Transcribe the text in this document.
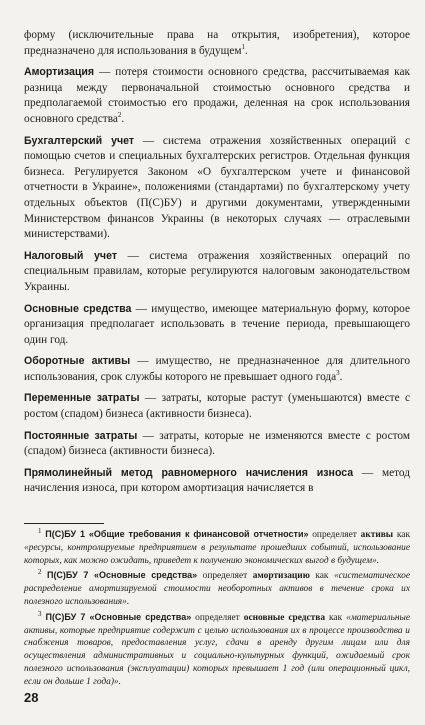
форму (исключительные права на открытия, изобретения), которое предназначено для использования в будущем$^1$.

Амортизация — потеря стоимости основного средства, рассчитываемая как разница между первоначальной стоимостью основного средства и предполагаемой стоимостью его продажи, деленная на срок использования основного средства$^2$.

Бухгалтерский учет — система отражения хозяйственных операций с помощью счетов и специальных бухгалтерских регистров. Отдельная функция бизнеса. Регулируется Законом «О бухгалтерском учете и финансовой отчетности в Украине», положениями (стандартами) по бухгалтерскому учету отдельных объектов (П(С)БУ) и другими документами, утвержденными Министерством финансов Украины (в некоторых случаях — отраслевыми министерствами).

Налоговый учет — система отражения хозяйственных операций по специальным правилам, которые регулируются налоговым законодательством Украины.

Основные средства — имущество, имеющее материальную форму, которое организация предполагает использовать в течение периода, превышающего один год.

Оборотные активы — имущество, не предназначенное для длительного использования, срок службы которого не превышает одного года$^3$.

Переменные затраты — затраты, которые растут (уменьшаются) вместе с ростом (спадом) бизнеса (активности бизнеса).

Постоянные затраты — затраты, которые не изменяются вместе с ростом (спадом) бизнеса (активности бизнеса).

Прямолинейный метод равномерного начисления износа — метод начисления износа, при котором амортизация начисляется в

$^1$ П(С)БУ 1 «Общие требования к финансовой отчетности» определяет активы как «ресурсы, контролируемые предприятием в результате прошедших событий, использование которых, как можно ожидать, приведет к получению экономических выгод в будущем».

$^2$ П(С)БУ 7 «Основные средства» определяет амортизацию как «систематическое распределение амортизируемой стоимости необоротных активов в течение срока их полезного использования».

$^3$ П(С)БУ 7 «Основные средства» определяет основные средства как «материальные активы, которые предприятие содержит с целью использования их в процессе производства и снабжения товаров, предоставления услуг, сдачи в аренду другим лицам или для осуществления административных и социально-культурных функций, ожидаемый срок полезного использования (эксплуатации) которых превышает 1 год (или операционный цикл, если он дольше 1 года)».

28
